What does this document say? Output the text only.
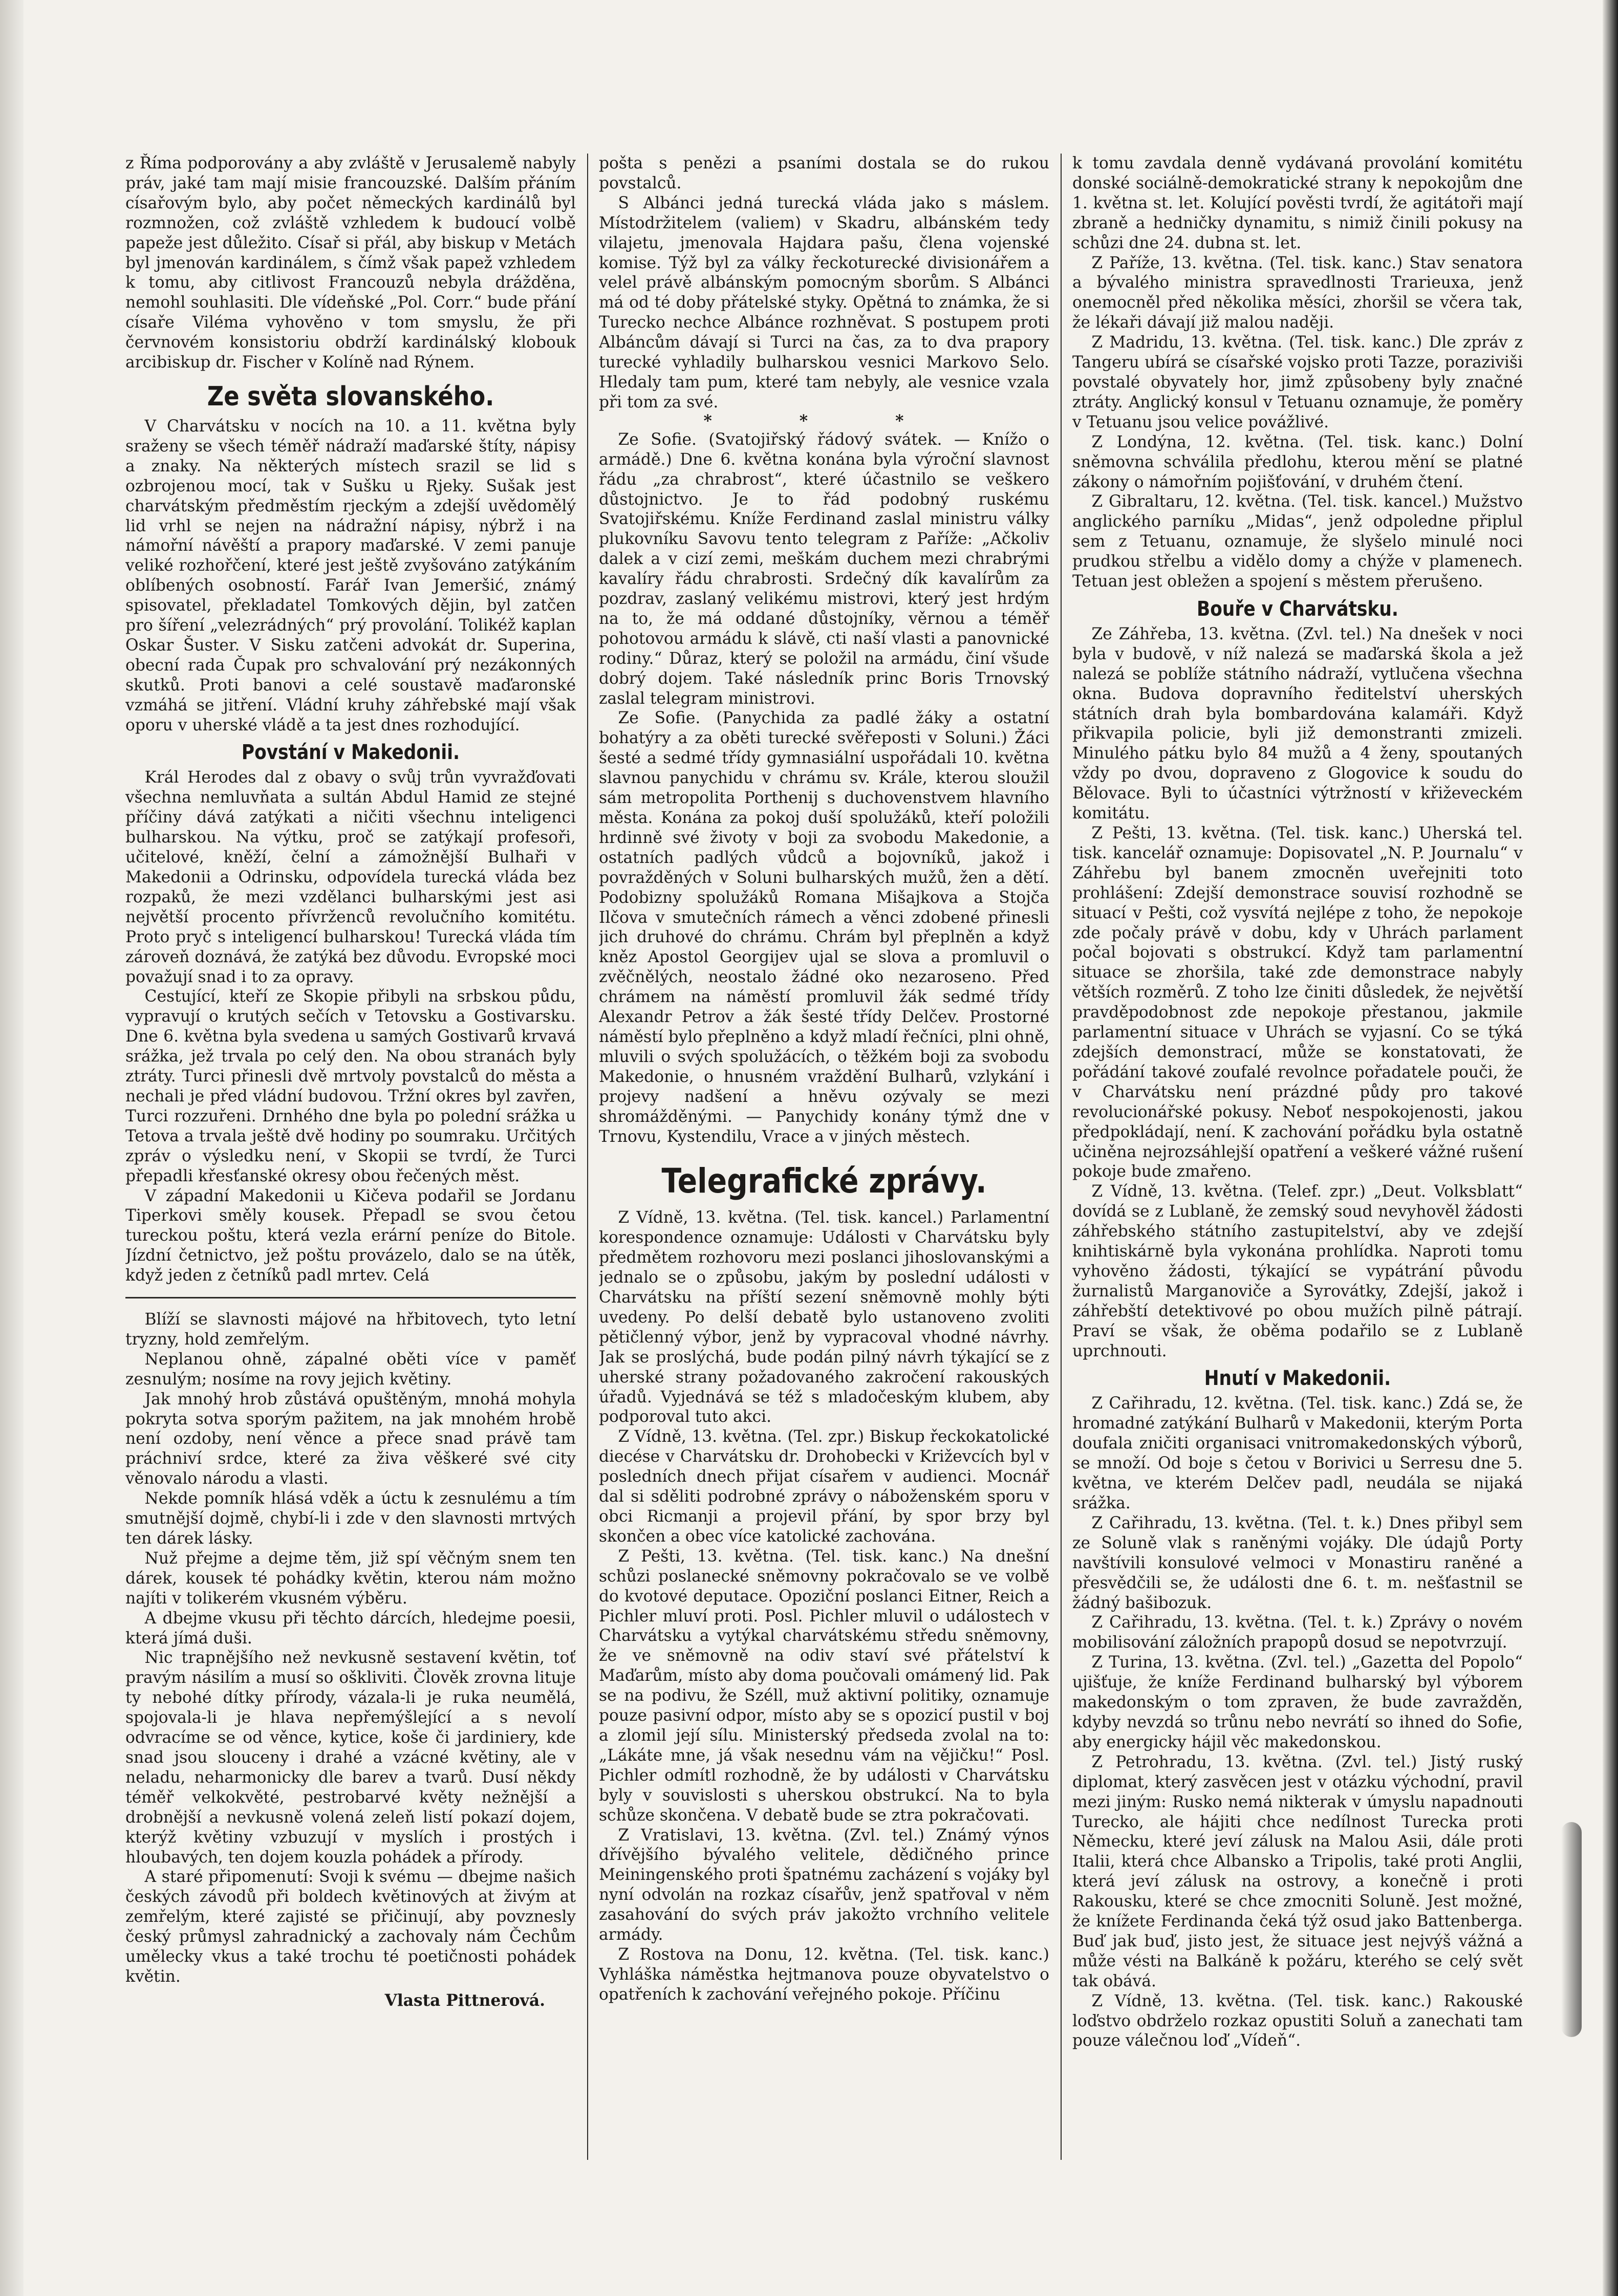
z Říma podporovány a aby zvláště v Jerusalemě nabyly práv, jaké tam mají misie francouzské. Dalším přáním císařovým bylo, aby počet německých kardinálů byl rozmnožen, což zvláště vzhledem k budoucí volbě papeže jest důležito. Císař si přál, aby biskup v Metách byl jmenován kardinálem, s čímž však papež vzhledem k tomu, aby citlivost Francouzů nebyla drážděna, nemohl souhlasiti. Dle vídeňské „Pol. Corr.“ bude přání císaře Viléma vyhověno v tom smyslu, že při červnovém konsistoriu obdrží kardinálský klobouk arcibiskup dr. Fischer v Kolíně nad Rýnem.

Ze světa slovanského.

V Charvátsku v nocích na 10. a 11. května byly sraženy se všech téměř nádraží maďarské štíty, nápisy a znaky. Na některých místech srazil se lid s ozbrojenou mocí, tak v Sušku u Rjeky. Sušak jest charvátským předměstím rjeckým a zdejší uvědomělý lid vrhl se nejen na nádražní nápisy, nýbrž i na námořní návěští a prapory maďarské. V zemi panuje veliké rozhořčení, které jest ještě zvyšováno zatýkáním oblíbených osobností. Farář Ivan Jemeršić, známý spisovatel, překladatel Tomkových dějin, byl zatčen pro šíření „velezrádných“ prý provolání. Tolikéž kaplan Oskar Šuster. V Sisku zatčeni advokát dr. Superina, obecní rada Čupak pro schvalování prý nezákonných skutků. Proti banovi a celé soustavě maďaronské vzmáhá se jitření. Vládní kruhy záhřebské mají však oporu v uherské vládě a ta jest dnes rozhodující.

Povstání v Makedonii.

Král Herodes dal z obavy o svůj trůn vyvražďovati všechna nemluvňata a sultán Abdul Hamid ze stejné příčiny dává zatýkati a ničiti všechnu inteligenci bulharskou. Na výtku, proč se zatýkají profesoři, učitelové, kněží, čelní a zámožnější Bulhaři v Makedonii a Odrinsku, odpovídela turecká vláda bez rozpaků, že mezi vzdělanci bulharskými jest asi největší procento přívrženců revolučního komitétu. Proto pryč s inteligencí bulharskou! Turecká vláda tím zároveň doznává, že zatýká bez důvodu. Evropské moci považují snad i to za opravy.

Cestující, kteří ze Skopie přibyli na srbskou půdu, vypravují o krutých sečích v Tetovsku a Gostivarsku. Dne 6. května byla svedena u samých Gostivarů krvavá srážka, jež trvala po celý den. Na obou stranách byly ztráty. Turci přinesli dvě mrtvoly povstalců do města a nechali je před vládní budovou. Tržní okres byl zavřen, Turci rozzuřeni. Drnhého dne byla po polední srážka u Tetova a trvala ještě dvě hodiny po soumraku. Určitých zpráv o výsledku není, v Skopii se tvrdí, že Turci přepadli křesťanské okresy obou řečených měst.

V západní Makedonii u Kičeva podařil se Jordanu Tiperkovi směly kousek. Přepadl se svou četou tureckou poštu, která vezla erární peníze do Bitole. Jízdní četnictvo, jež poštu provázelo, dalo se na útěk, když jeden z četníků padl mrtev. Celá

Blíží se slavnosti májové na hřbitovech, tyto letní tryzny, hold zemřelým.

Neplanou ohně, zápalné oběti více v paměť zesnulým; nosíme na rovy jejich květiny.

Jak mnohý hrob zůstává opuštěným, mnohá mohyla pokryta sotva sporým pažitem, na jak mnohém hrobě není ozdoby, není věnce a přece snad právě tam práchniví srdce, které za živa věškeré své city věnovalo národu a vlasti.

Nekde pomník hlásá vděk a úctu k zesnulému a tím smutnější dojmě, chybí-li i zde v den slavnosti mrtvých ten dárek lásky.

Nuž přejme a dejme těm, již spí věčným snem ten dárek, kousek té pohádky květin, kterou nám možno najíti v tolikerém vkusném výběru.

A dbejme vkusu při těchto dárcích, hledejme poesii, která jímá duši.

Nic trapnějšího než nevkusně sestavení květin, toť pravým násilím a musí so oškliviti. Člověk zrovna lituje ty nebohé dítky přírody, vázala-li je ruka neumělá, spojovala-li je hlava nepřemýšlející a s nevolí odvracíme se od věnce, kytice, koše či jardiniery, kde snad jsou slouceny i drahé a vzácné květiny, ale v neladu, neharmonicky dle barev a tvarů. Dusí někdy téměř velkokvěté, pestrobarvé květy nežnější a drobnější a nevkusně volená zeleň listí pokazí dojem, kterýž květiny vzbuzují v myslích i prostých i hloubavých, ten dojem kouzla pohádek a přírody.

A staré připomenutí: Svoji k svému — dbejme našich českých závodů při boldech květinových at živým at zemřelým, které zajisté se přičinují, aby povznesly český průmysl zahradnický a zachovaly nám Čechům umělecky vkus a také trochu té poetičnosti pohádek květin.

Vlasta Pittnerová.

pošta s penězi a psaními dostala se do rukou povstalců.

S Albánci jedná turecká vláda jako s máslem. Místodržitelem (valiem) v Skadru, albánském tedy vilajetu, jmenovala Hajdara pašu, člena vojenské komise. Týž byl za války řeckoturecké divisionářem a velel právě albánským pomocným sborům. S Albánci má od té doby přátelské styky. Opětná to známka, že si Turecko nechce Albánce rozhněvat. S postupem proti Albáncům dávají si Turci na čas, za to dva prapory turecké vyhladily bulharskou vesnici Markovo Selo. Hledaly tam pum, které tam nebyly, ale vesnice vzala při tom za své.

* * *

Ze Sofie. (Svatojiřský řádový svátek. — Knížo o armádě.) Dne 6. května konána byla výroční slavnost řádu „za chrabrost“, které účastnilo se veškero důstojnictvo. Je to řád podobný ruskému Svatojiřskému. Kníže Ferdinand zaslal ministru války plukovníku Savovu tento telegram z Paříže: „Ačkoliv dalek a v cizí zemi, meškám duchem mezi chrabrými kavalíry řádu chrabrosti. Srdečný dík kavalírům za pozdrav, zaslaný velikému mistrovi, který jest hrdým na to, že má oddané důstojníky, věrnou a téměř pohotovou armádu k slávě, cti naší vlasti a panovnické rodiny.“ Důraz, který se položil na armádu, činí všude dobrý dojem. Také následník princ Boris Trnovský zaslal telegram ministrovi.

Ze Sofie. (Panychida za padlé žáky a ostatní bohatýry a za oběti turecké svěřeposti v Soluni.) Žáci šesté a sedmé třídy gymnasiální uspořádali 10. května slavnou panychidu v chrámu sv. Krále, kterou sloužil sám metropolita Porthenij s duchovenstvem hlavního města. Konána za pokoj duší spolužáků, kteří položili hrdinně své životy v boji za svobodu Makedonie, a ostatních padlých vůdců a bojovníků, jakož i povražděných v Soluni bulharských mužů, žen a dětí. Podobizny spolužáků Romana Mišajkova a Stojča Ilčova v smutečních rámech a věnci zdobené přinesli jich druhové do chrámu. Chrám byl přeplněn a když kněz Apostol Georgijev ujal se slova a promluvil o zvěčnělých, neostalo žádné oko nezaroseno. Před chrámem na náměstí promluvil žák sedmé třídy Alexandr Petrov a žák šesté třídy Delčev. Prostorné náměstí bylo přeplněno a když mladí řečníci, plni ohně, mluvili o svých spolužácích, o těžkém boji za svobodu Makedonie, o hnusném vraždění Bulharů, vzlykání i projevy nadšení a hněvu ozývaly se mezi shromážděnými. — Panychidy konány týmž dne v Trnovu, Kystendilu, Vrace a v jiných městech.

Telegrafické zprávy.

Z Vídně, 13. května. (Tel. tisk. kancel.) Parlamentní korespondence oznamuje: Události v Charvátsku byly předmětem rozhovoru mezi poslanci jihoslovanskými a jednalo se o způsobu, jakým by poslední události v Charvátsku na příští sezení sněmovně mohly býti uvedeny. Po delší debatě bylo ustanoveno zvoliti pětičlenný výbor, jenž by vypracoval vhodné návrhy. Jak se proslýchá, bude podán pilný návrh týkající se z uherské strany požadovaného zakročení rakouských úřadů. Vyjednává se též s mladočeským klubem, aby podporoval tuto akci.

Z Vídně, 13. května. (Tel. zpr.) Biskup řeckokatolické diecése v Charvátsku dr. Drohobecki v Križevcích byl v posledních dnech přijat císařem v audienci. Mocnář dal si sděliti podrobné zprávy o náboženském sporu v obci Ricmanji a projevil přání, by spor brzy byl skončen a obec více katolické zachována.

Z Pešti, 13. května. (Tel. tisk. kanc.) Na dnešní schůzi poslanecké sněmovny pokračovalo se ve volbě do kvotové deputace. Opoziční poslanci Eitner, Reich a Pichler mluví proti. Posl. Pichler mluvil o událostech v Charvátsku a vytýkal charvátskému středu sněmovny, že ve sněmovně na odiv staví své přátelství k Maďarům, místo aby doma poučovali omámený lid. Pak se na podivu, že Széll, muž aktivní politiky, oznamuje pouze pasivní odpor, místo aby se s opozicí pustil v boj a zlomil její sílu. Ministerský předseda zvolal na to: „Lákáte mne, já však nesednu vám na vějičku!“ Posl. Pichler odmítl rozhodně, že by události v Charvátsku byly v souvislosti s uherskou obstrukcí. Na to byla schůze skončena. V debatě bude se ztra pokračovati.

Z Vratislavi, 13. května. (Zvl. tel.) Známý výnos dřívějšího bývalého velitele, dědičného prince Meiningenského proti špatnému zacházení s vojáky byl nyní odvolán na rozkaz císařův, jenž spatřoval v něm zasahování do svých práv jakožto vrchního velitele armády.

Z Rostova na Donu, 12. května. (Tel. tisk. kanc.) Vyhláška náměstka hejtmanova pouze obyvatelstvo o opatřeních k zachování veřejného pokoje. Příčinu

k tomu zavdala denně vydávaná provolání komitétu donské sociálně-demokratické strany k nepokojům dne 1. května st. let. Kolující pověsti tvrdí, že agitátoři mají zbraně a hedničky dynamitu, s nimiž činili pokusy na schůzi dne 24. dubna st. let.

Z Paříže, 13. května. (Tel. tisk. kanc.) Stav senatora a bývalého ministra spravedlnosti Trarieuxa, jenž onemocněl před několika měsíci, zhoršil se včera tak, že lékaři dávají již malou naději.

Z Madridu, 13. května. (Tel. tisk. kanc.) Dle zpráv z Tangeru ubírá se císařské vojsko proti Tazze, poraziviši povstalé obyvately hor, jimž způsobeny byly značné ztráty. Anglický konsul v Tetuanu oznamuje, že poměry v Tetuanu jsou velice povážlivé.

Z Londýna, 12. května. (Tel. tisk. kanc.) Dolní sněmovna schválila předlohu, kterou mění se platné zákony o námořním pojišťování, v druhém čtení.

Z Gibraltaru, 12. května. (Tel. tisk. kancel.) Mužstvo anglického parníku „Midas“, jenž odpoledne připlul sem z Tetuanu, oznamuje, že slyšelo minulé noci prudkou střelbu a vidělo domy a chýže v plamenech. Tetuan jest obležen a spojení s městem přerušeno.

Bouře v Charvátsku.

Ze Záhřeba, 13. května. (Zvl. tel.) Na dnešek v noci byla v budově, v níž nalezá se maďarská škola a jež nalezá se poblíže státního nádraží, vytlučena všechna okna. Budova dopravního ředitelství uherských státních drah byla bombardována kalamáři. Když přikvapila policie, byli již demonstranti zmizeli. Minulého pátku bylo 84 mužů a 4 ženy, spoutaných vždy po dvou, dopraveno z Glogovice k soudu do Bělovace. Byli to účastníci výtržností v křiževeckém komitátu.

Z Pešti, 13. května. (Tel. tisk. kanc.) Uherská tel. tisk. kancelář oznamuje: Dopisovatel „N. P. Journalu“ v Záhřebu byl banem zmocněn uveřejniti toto prohlášení: Zdejší demonstrace souvisí rozhodně se situací v Pešti, což vysvítá nejlépe z toho, že nepokoje zde počaly právě v dobu, kdy v Uhrách parlament počal bojovati s obstrukcí. Když tam parlamentní situace se zhoršila, také zde demonstrace nabyly větších rozměrů. Z toho lze činiti důsledek, že největší pravděpodobnost zde nepokoje přestanou, jakmile parlamentní situace v Uhrách se vyjasní. Co se týká zdejších demonstrací, může se konstatovati, že pořádání takové zoufalé revolnce pořadatele pouči, že v Charvátsku není prázdné půdy pro takové revolucionářské pokusy. Neboť nespokojenosti, jakou předpokládají, není. K zachování pořádku byla ostatně učiněna nejrozsáhlejší opatření a veškeré vážné rušení pokoje bude zmařeno.

Z Vídně, 13. května. (Telef. zpr.) „Deut. Volksblatt“ dovídá se z Lublaně, že zemský soud nevyhověl žádosti záhřebského státního zastupitelství, aby ve zdejší knihtiskárně byla vykonána prohlídka. Naproti tomu vyhověno žádosti, týkající se vypátrání původu žurnalistů Marganoviče a Syrovátky, Zdejší, jakož i záhřebští detektivové po obou mužích pilně pátrají. Praví se však, že oběma podařilo se z Lublaně uprchnouti.

Hnutí v Makedonii.

Z Cařihradu, 12. května. (Tel. tisk. kanc.) Zdá se, že hromadné zatýkání Bulharů v Makedonii, kterým Porta doufala zničiti organisaci vnitromakedonských výborů, se množí. Od boje s četou v Borivici u Serresu dne 5. května, ve kterém Delčev padl, neudála se nijaká srážka.

Z Cařihradu, 13. května. (Tel. t. k.) Dnes přibyl sem ze Soluně vlak s raněnými vojáky. Dle údajů Porty navštívili konsulové velmoci v Monastiru raněné a přesvědčili se, že události dne 6. t. m. nešťastnil se žádný bašibozuk.

Z Cařihradu, 13. května. (Tel. t. k.) Zprávy o novém mobilisování záložních prapopů dosud se nepotvrzují.

Z Turina, 13. května. (Zvl. tel.) „Gazetta del Popolo“ ujišťuje, že kníže Ferdinand bulharský byl výborem makedonským o tom zpraven, že bude zavražděn, kdyby nevzdá so trůnu nebo nevrátí so ihned do Sofie, aby energicky hájil věc makedonskou.

Z Petrohradu, 13. května. (Zvl. tel.) Jistý ruský diplomat, který zasvěcen jest v otázku východní, pravil mezi jiným: Rusko nemá nikterak v úmyslu napadnouti Turecko, ale hájiti chce nedílnost Turecka proti Německu, které jeví zálusk na Malou Asii, dále proti Italii, která chce Albansko a Tripolis, také proti Anglii, která jeví zálusk na ostrovy, a konečně i proti Rakousku, které se chce zmocniti Soluně. Jest možné, že knížete Ferdinanda čeká týž osud jako Battenberga. Buď jak buď, jisto jest, že situace jest nejvýš vážná a může vésti na Balkáně k požáru, kterého se celý svět tak obává.

Z Vídně, 13. května. (Tel. tisk. kanc.) Rakouské loďstvo obdrželo rozkaz opustiti Soluň a zanechati tam pouze válečnou loď „Vídeň“.
